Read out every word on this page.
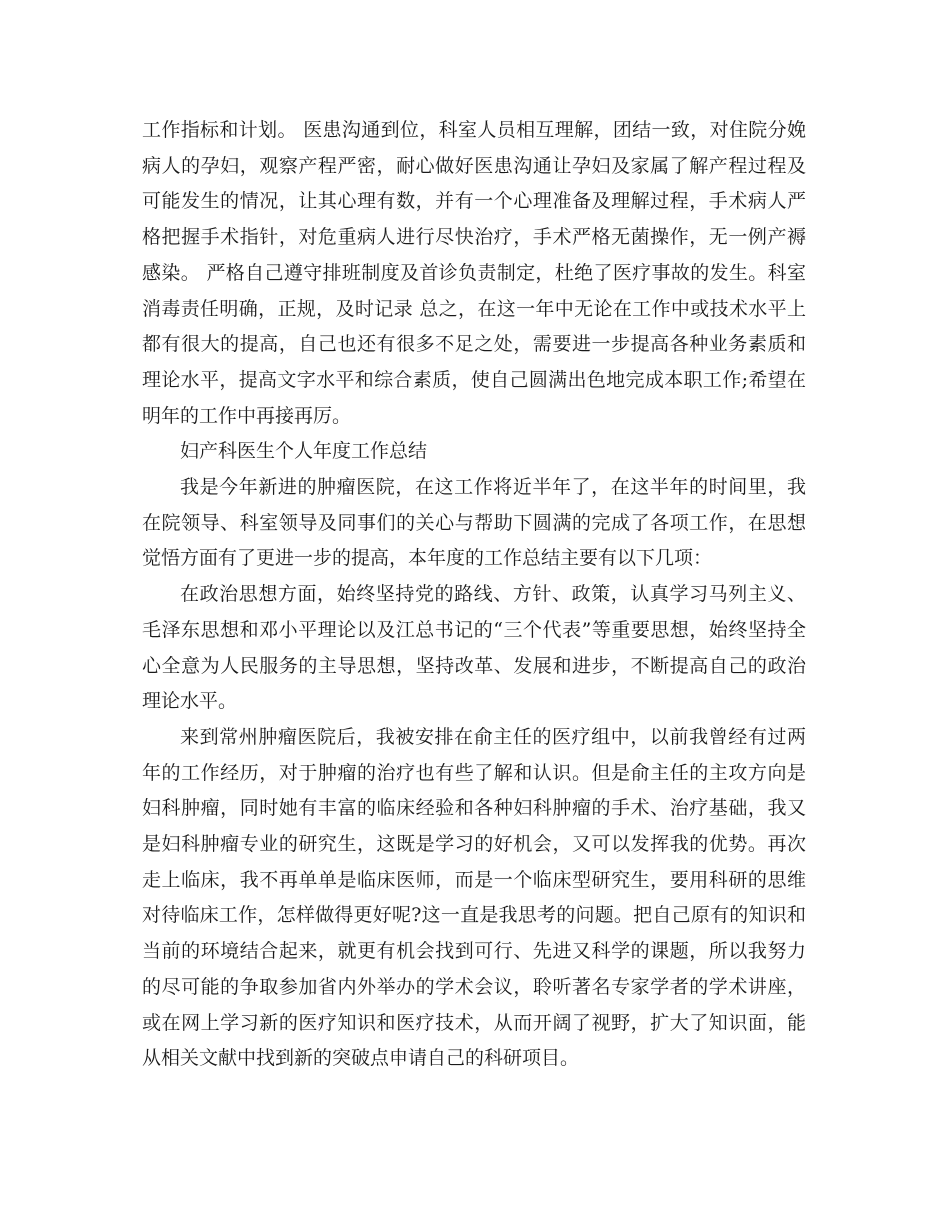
工作指标和计划。 医患沟通到位，科室人员相互理解，团结一致，对住院分娩病人的孕妇，观察产程严密，耐心做好医患沟通让孕妇及家属了解产程过程及可能发生的情况，让其心理有数，并有一个心理准备及理解过程，手术病人严格把握手术指针，对危重病人进行尽快治疗，手术严格无菌操作，无一例产褥感染。 严格自己遵守排班制度及首诊负责制定，杜绝了医疗事故的发生。科室消毒责任明确，正规，及时记录 总之，在这一年中无论在工作中或技术水平上都有很大的提高，自己也还有很多不足之处，需要进一步提高各种业务素质和理论水平，提高文字水平和综合素质，使自己圆满出色地完成本职工作;希望在明年的工作中再接再厉。

妇产科医生个人年度工作总结

我是今年新进的肿瘤医院，在这工作将近半年了，在这半年的时间里，我在院领导、科室领导及同事们的关心与帮助下圆满的完成了各项工作，在思想觉悟方面有了更进一步的提高，本年度的工作总结主要有以下几项：

在政治思想方面，始终坚持党的路线、方针、政策，认真学习马列主义、毛泽东思想和邓小平理论以及江总书记的“三个代表”等重要思想，始终坚持全心全意为人民服务的主导思想，坚持改革、发展和进步，不断提高自己的政治理论水平。

来到常州肿瘤医院后，我被安排在俞主任的医疗组中，以前我曾经有过两年的工作经历，对于肿瘤的治疗也有些了解和认识。但是俞主任的主攻方向是妇科肿瘤，同时她有丰富的临床经验和各种妇科肿瘤的手术、治疗基础，我又是妇科肿瘤专业的研究生，这既是学习的好机会，又可以发挥我的优势。再次走上临床，我不再单单是临床医师，而是一个临床型研究生，要用科研的思维对待临床工作，怎样做得更好呢?这一直是我思考的问题。把自己原有的知识和当前的环境结合起来，就更有机会找到可行、先进又科学的课题，所以我努力的尽可能的争取参加省内外举办的学术会议，聆听著名专家学者的学术讲座，或在网上学习新的医疗知识和医疗技术，从而开阔了视野，扩大了知识面，能从相关文献中找到新的突破点申请自己的科研项目。
